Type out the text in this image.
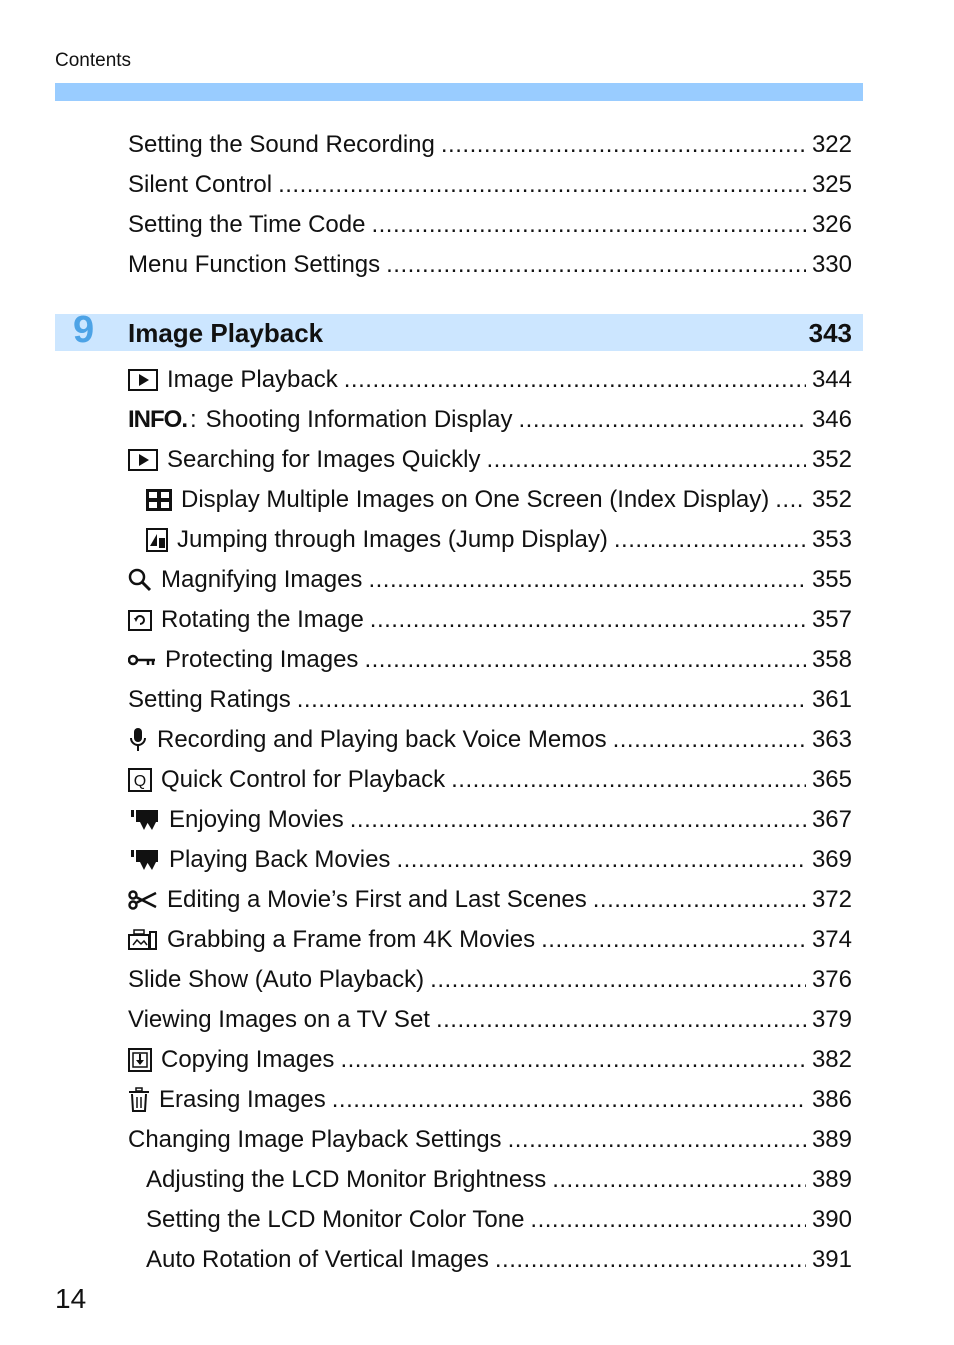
Contents
Setting the Sound Recording .....	322
Silent Control .....	325
Setting the Time Code .....	326
Menu Function Settings .....	330
9 Image Playback	343
Image Playback .....	344
INFO. : Shooting Information Display .....	346
Searching for Images Quickly .....	352
Display Multiple Images on One Screen (Index Display) ..... 352
Jumping through Images (Jump Display) .....	353
Magnifying Images .....	355
Rotating the Image .....	357
Protecting Images .....	358
Setting Ratings .....	361
Recording and Playing back Voice Memos .....	363
Q Quick Control for Playback .....	365
Enjoying Movies .....	367
Playing Back Movies .....	369
Editing a Movie’s First and Last Scenes .....	372
Grabbing a Frame from 4K Movies .....	374
Slide Show (Auto Playback) .....	376
Viewing Images on a TV Set .....	379
Copying Images .....	382
Erasing Images .....	386
Changing Image Playback Settings .....	389
Adjusting the LCD Monitor Brightness .....	389
Setting the LCD Monitor Color Tone .....	390
Auto Rotation of Vertical Images .....	391
14
